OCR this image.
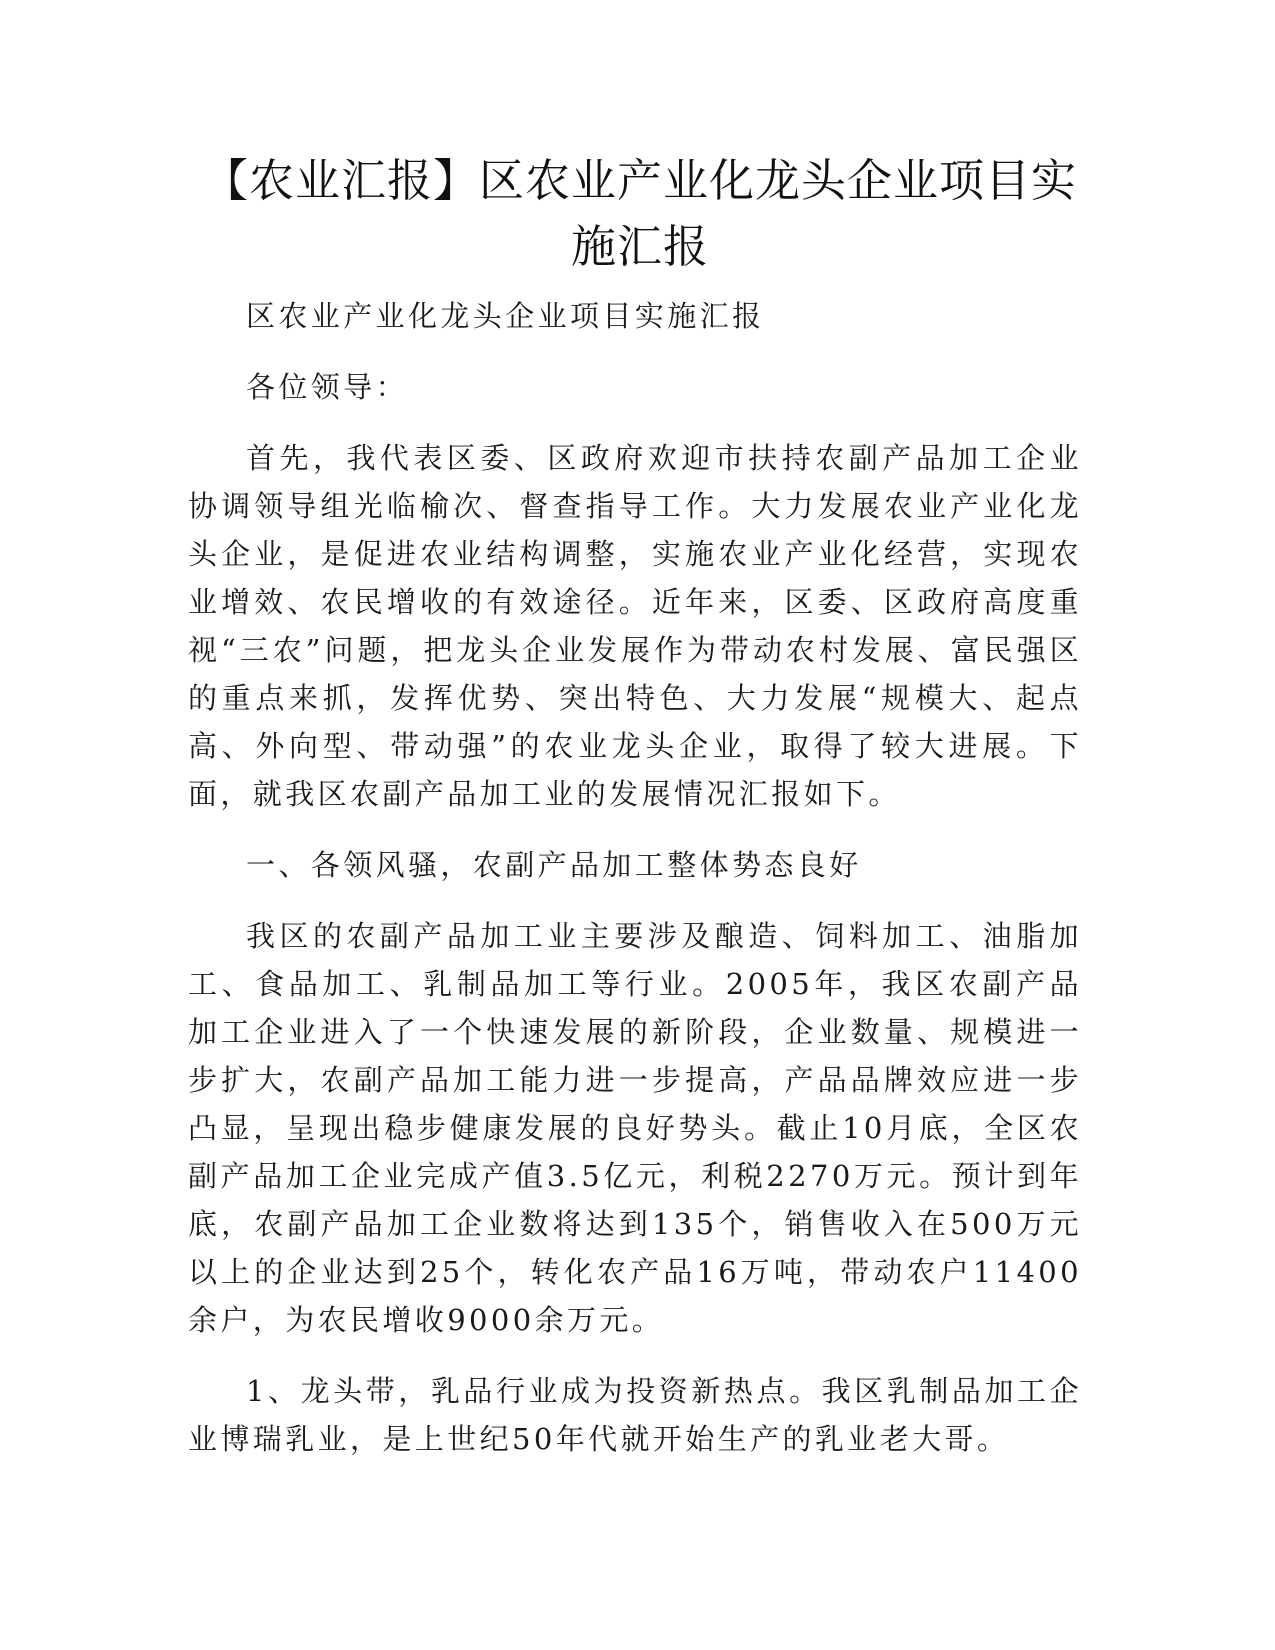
【农业汇报】区农业产业化龙头企业项目实
施汇报

区农业产业化龙头企业项目实施汇报

各位领导：

首先，我代表区委、区政府欢迎市扶持农副产品加工企业协调领导组光临榆次、督查指导工作。大力发展农业产业化龙头企业，是促进农业结构调整，实施农业产业化经营，实现农业增效、农民增收的有效途径。近年来，区委、区政府高度重视“三农”问题，把龙头企业发展作为带动农村发展、富民强区的重点来抓，发挥优势、突出特色、大力发展“规模大、起点高、外向型、带动强”的农业龙头企业，取得了较大进展。下面，就我区农副产品加工业的发展情况汇报如下。

一、各领风骚，农副产品加工整体势态良好

我区的农副产品加工业主要涉及酿造、饲料加工、油脂加工、食品加工、乳制品加工等行业。2005年，我区农副产品加工企业进入了一个快速发展的新阶段，企业数量、规模进一步扩大，农副产品加工能力进一步提高，产品品牌效应进一步凸显，呈现出稳步健康发展的良好势头。截止10月底，全区农副产品加工企业完成产值3.5亿元，利税2270万元。预计到年底，农副产品加工企业数将达到135个，销售收入在500万元以上的企业达到25个，转化农产品16万吨，带动农户11400余户，为农民增收9000余万元。

1、龙头带，乳品行业成为投资新热点。我区乳制品加工企业博瑞乳业，是上世纪50年代就开始生产的乳业老大哥。
